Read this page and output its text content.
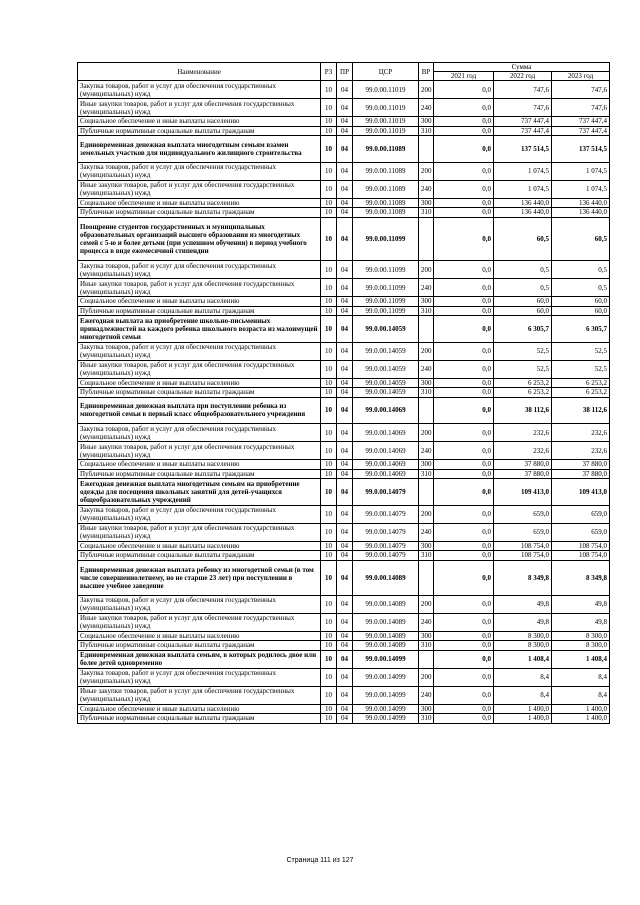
Наименование	РЗ	ПР	ЦСР	ВР	Сумма		
					2021 год	2022 год	2023 год
Закупка товаров, работ и услуг для обеспечения государственных (муниципальных) нужд	10	04	99.0.00.11019	200	0,0	747,6	747,6
Иные закупки товаров, работ и услуг для обеспечения государственных (муниципальных) нужд	10	04	99.0.00.11019	240	0,0	747,6	747,6
Социальное обеспечение и иные выплаты населению	10	04	99.0.00.11019	300	0,0	737 447,4	737 447,4
Публичные нормативные социальные выплаты гражданам	10	04	99.0.00.11019	310	0,0	737 447,4	737 447,4
Единовременная денежная выплата многодетным семьям взамен земельных участков для индивидуального жилищного строительства	10	04	99.0.00.11089		0,0	137 514,5	137 514,5
Закупка товаров, работ и услуг для обеспечения государственных (муниципальных) нужд	10	04	99.0.00.11089	200	0,0	1 074,5	1 074,5
Иные закупки товаров, работ и услуг для обеспечения государственных (муниципальных) нужд	10	04	99.0.00.11089	240	0,0	1 074,5	1 074,5
Социальное обеспечение и иные выплаты населению	10	04	99.0.00.11089	300	0,0	136 440,0	136 440,0
Публичные нормативные социальные выплаты гражданам	10	04	99.0.00.11089	310	0,0	136 440,0	136 440,0
Поощрение студентов государственных и муниципальных образовательных организаций высшего образования из многодетных семей с 5-ю и более детьми (при успешном обучении) в период учебного процесса в виде ежемесячной стипендии	10	04	99.0.00.11099		0,0	60,5	60,5
Закупка товаров, работ и услуг для обеспечения государственных (муниципальных) нужд	10	04	99.0.00.11099	200	0,0	0,5	0,5
Иные закупки товаров, работ и услуг для обеспечения государственных (муниципальных) нужд	10	04	99.0.00.11099	240	0,0	0,5	0,5
Социальное обеспечение и иные выплаты населению	10	04	99.0.00.11099	300	0,0	60,0	60,0
Публичные нормативные социальные выплаты гражданам	10	04	99.0.00.11099	310	0,0	60,0	60,0
Ежегодная выплата на приобретение школьно-письменных принадлежностей на каждого ребенка школьного возраста из малоимущей многодетной семьи	10	04	99.0.00.14059		0,0	6 305,7	6 305,7
Закупка товаров, работ и услуг для обеспечения государственных (муниципальных) нужд	10	04	99.0.00.14059	200	0,0	52,5	52,5
Иные закупки товаров, работ и услуг для обеспечения государственных (муниципальных) нужд	10	04	99.0.00.14059	240	0,0	52,5	52,5
Социальное обеспечение и иные выплаты населению	10	04	99.0.00.14059	300	0,0	6 253,2	6 253,2
Публичные нормативные социальные выплаты гражданам	10	04	99.0.00.14059	310	0,0	6 253,2	6 253,2
Единовременная денежная выплата при поступлении ребенка из многодетной семьи в первый класс общеобразовательного учреждения	10	04	99.0.00.14069		0,0	38 112,6	38 112,6
Закупка товаров, работ и услуг для обеспечения государственных (муниципальных) нужд	10	04	99.0.00.14069	200	0,0	232,6	232,6
Иные закупки товаров, работ и услуг для обеспечения государственных (муниципальных) нужд	10	04	99.0.00.14069	240	0,0	232,6	232,6
Социальное обеспечение и иные выплаты населению	10	04	99.0.00.14069	300	0,0	37 880,0	37 880,0
Публичные нормативные социальные выплаты гражданам	10	04	99.0.00.14069	310	0,0	37 880,0	37 880,0
Ежегодная денежная выплата многодетным семьям на приобретение одежды для посещения школьных занятий для детей-учащихся общеобразовательных учреждений	10	04	99.0.00.14079		0,0	109 413,0	109 413,0
Закупка товаров, работ и услуг для обеспечения государственных (муниципальных) нужд	10	04	99.0.00.14079	200	0,0	659,0	659,0
Иные закупки товаров, работ и услуг для обеспечения государственных (муниципальных) нужд	10	04	99.0.00.14079	240	0,0	659,0	659,0
Социальное обеспечение и иные выплаты населению	10	04	99.0.00.14079	300	0,0	108 754,0	108 754,0
Публичные нормативные социальные выплаты гражданам	10	04	99.0.00.14079	310	0,0	108 754,0	108 754,0
Единовременная денежная выплата ребенку из многодетной семьи (в том числе совершеннолетнему, но не старше 23 лет) при поступлении в высшее учебное заведение	10	04	99.0.00.14089		0,0	8 349,8	8 349,8
Закупка товаров, работ и услуг для обеспечения государственных (муниципальных) нужд	10	04	99.0.00.14089	200	0,0	49,8	49,8
Иные закупки товаров, работ и услуг для обеспечения государственных (муниципальных) нужд	10	04	99.0.00.14089	240	0,0	49,8	49,8
Социальное обеспечение и иные выплаты населению	10	04	99.0.00.14089	300	0,0	8 300,0	8 300,0
Публичные нормативные социальные выплаты гражданам	10	04	99.0.00.14089	310	0,0	8 300,0	8 300,0
Единовременная денежная выплата семьям, в которых родилось двое или более детей одновременно	10	04	99.0.00.14099		0,0	1 408,4	1 408,4
Закупка товаров, работ и услуг для обеспечения государственных (муниципальных) нужд	10	04	99.0.00.14099	200	0,0	8,4	8,4
Иные закупки товаров, работ и услуг для обеспечения государственных (муниципальных) нужд	10	04	99.0.00.14099	240	0,0	8,4	8,4
Социальное обеспечение и иные выплаты населению	10	04	99.0.00.14099	300	0,0	1 400,0	1 400,0
Публичные нормативные социальные выплаты гражданам	10	04	99.0.00.14099	310	0,0	1 400,0	1 400,0
Страница 111 из 127
